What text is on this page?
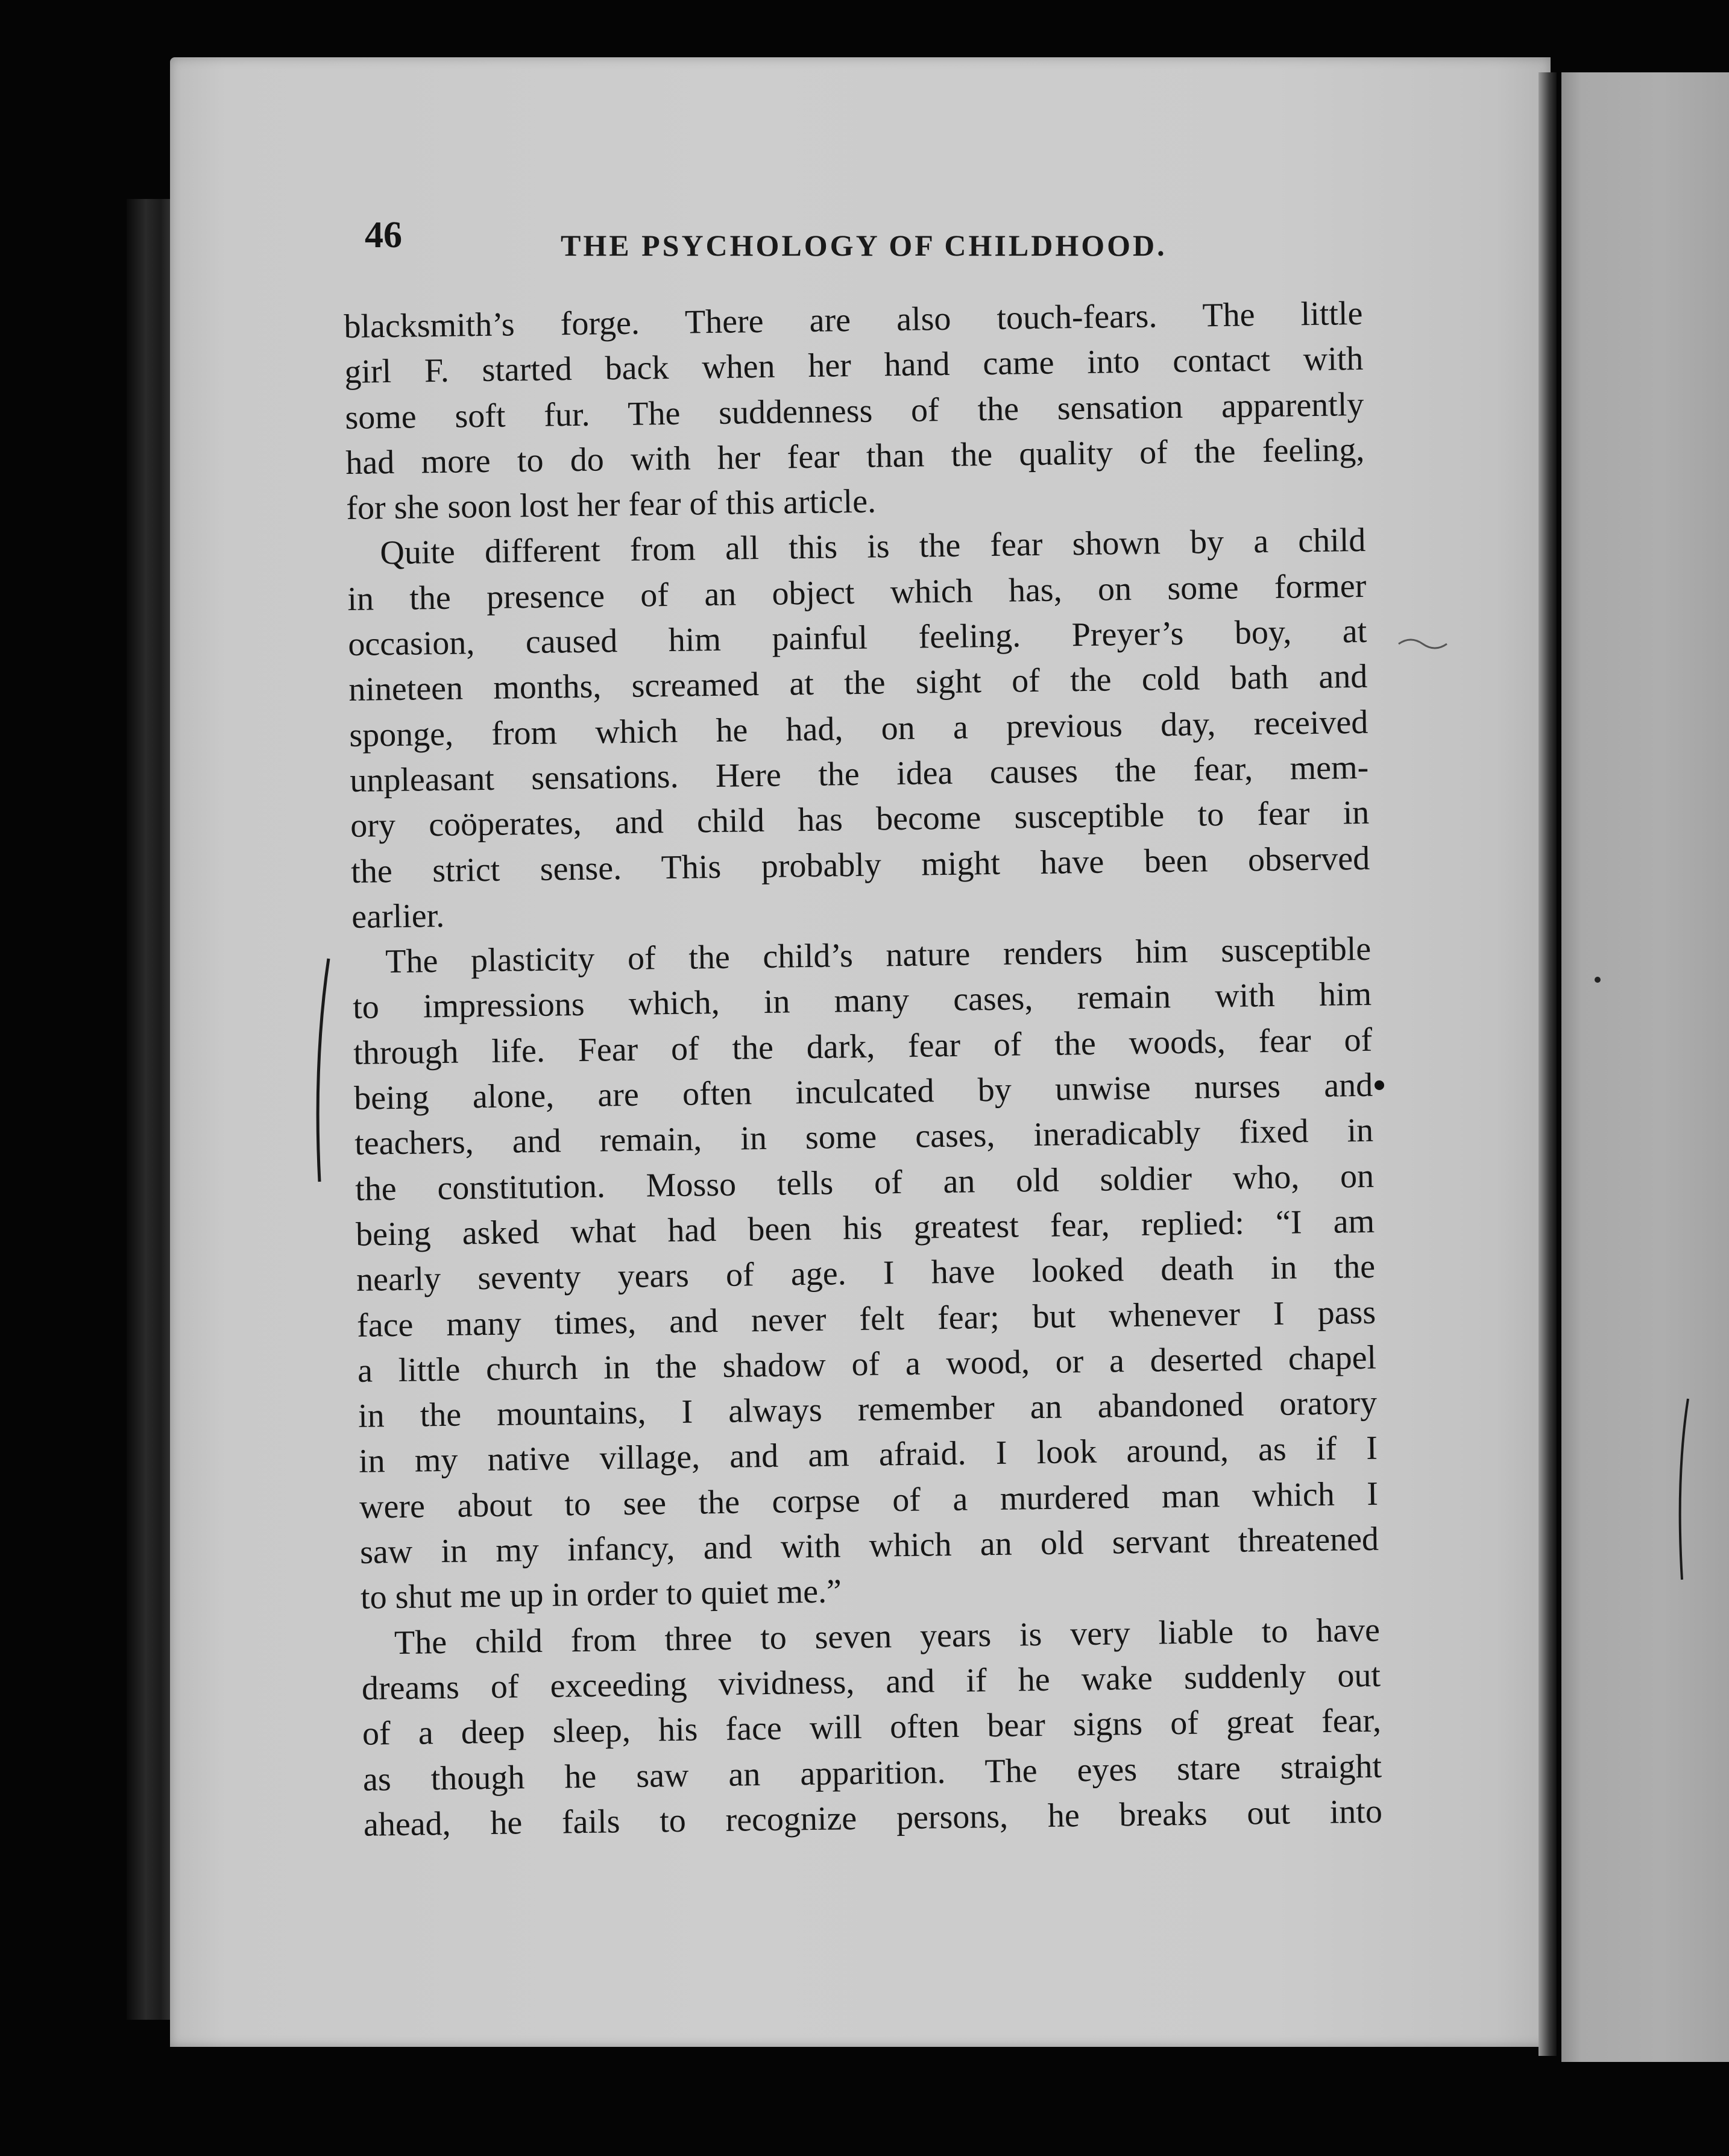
46	THE PSYCHOLOGY OF CHILDHOOD.
blacksmith’s forge. There are also touch-fears. The little
girl F. started back when her hand came into contact with
some soft fur. The suddenness of the sensation apparently
had more to do with her fear than the quality of the feeling,
for she soon lost her fear of this article.
Quite different from all this is the fear shown by a child
in the presence of an object which has, on some former
occasion, caused him painful feeling. Preyer’s boy, at
nineteen months, screamed at the sight of the cold bath and
sponge, from which he had, on a previous day, received
unpleasant sensations. Here the idea causes the fear, mem-
ory coöperates, and child has become susceptible to fear in
the strict sense. This probably might have been observed
earlier.
The plasticity of the child’s nature renders him susceptible
to impressions which, in many cases, remain with him
through life. Fear of the dark, fear of the woods, fear of
being alone, are often inculcated by unwise nurses and
teachers, and remain, in some cases, ineradicably fixed in
the constitution. Mosso tells of an old soldier who, on
being asked what had been his greatest fear, replied: “I am
nearly seventy years of age. I have looked death in the
face many times, and never felt fear; but whenever I pass
a little church in the shadow of a wood, or a deserted chapel
in the mountains, I always remember an abandoned oratory
in my native village, and am afraid. I look around, as if I
were about to see the corpse of a murdered man which I
saw in my infancy, and with which an old servant threatened
to shut me up in order to quiet me.”
The child from three to seven years is very liable to have
dreams of exceeding vividness, and if he wake suddenly out
of a deep sleep, his face will often bear signs of great fear,
as though he saw an apparition. The eyes stare straight
ahead, he fails to recognize persons, he breaks out into
